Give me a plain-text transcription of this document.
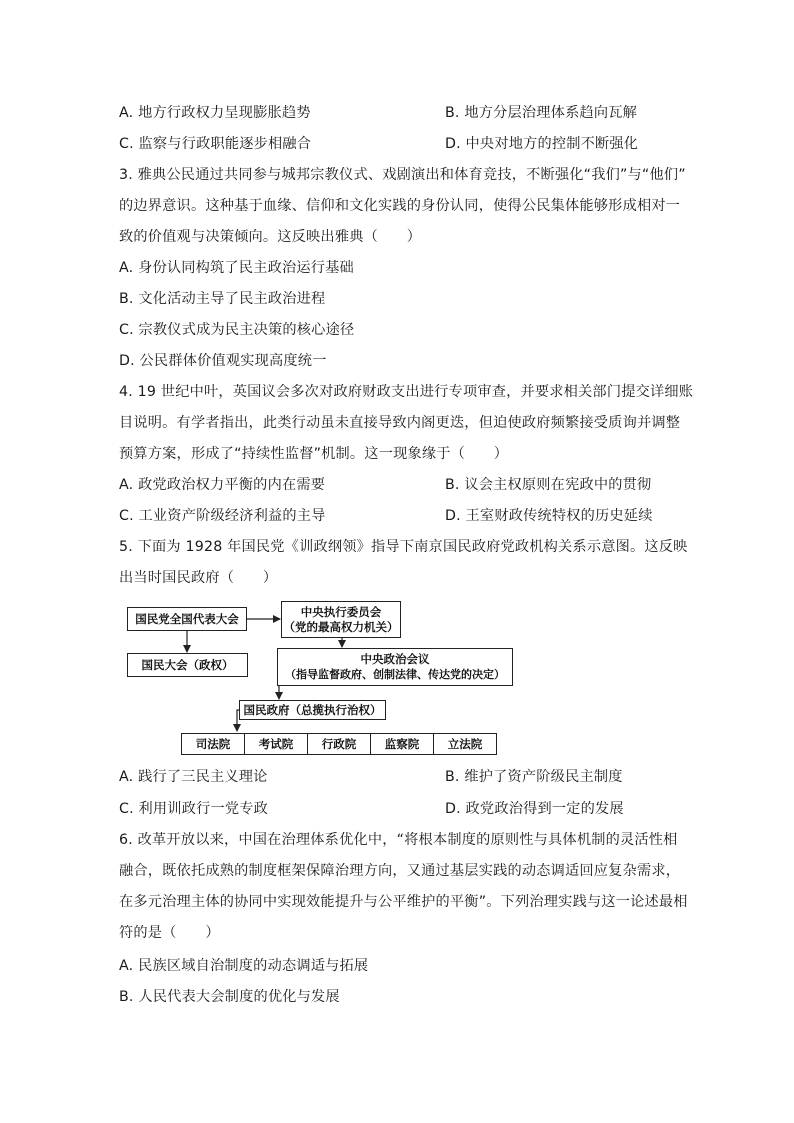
A. 地方行政权力呈现膨胀趋势	B. 地方分层治理体系趋向瓦解
C. 监察与行政职能逐步相融合	D. 中央对地方的控制不断强化
3. 雅典公民通过共同参与城邦宗教仪式、戏剧演出和体育竞技，不断强化“我们”与“他们”
的边界意识。这种基于血缘、信仰和文化实践的身份认同，使得公民集体能够形成相对一
致的价值观与决策倾向。这反映出雅典（　　）
A. 身份认同构筑了民主政治运行基础
B. 文化活动主导了民主政治进程
C. 宗教仪式成为民主决策的核心途径
D. 公民群体价值观实现高度统一
4. 19 世纪中叶，英国议会多次对政府财政支出进行专项审查，并要求相关部门提交详细账
目说明。有学者指出，此类行动虽未直接导致内阁更迭，但迫使政府频繁接受质询并调整
预算方案，形成了“持续性监督”机制。这一现象缘于（　　）
A. 政党政治权力平衡的内在需要	B. 议会主权原则在宪政中的贯彻
C. 工业资产阶级经济利益的主导	D. 王室财政传统特权的历史延续
5. 下面为 1928 年国民党《训政纲领》指导下南京国民政府党政机构关系示意图。这反映
出当时国民政府（　　）
国民党全国代表大会	中央执行委员会
（党的最高权力机关）
国民大会（政权）	中央政治会议
（指导监督政府、创制法律、传达党的决定）
国民政府（总揽执行治权）
司法院	考试院	行政院	监察院	立法院
A. 践行了三民主义理论	B. 维护了资产阶级民主制度
C. 利用训政行一党专政	D. 政党政治得到一定的发展
6. 改革开放以来，中国在治理体系优化中，“将根本制度的原则性与具体机制的灵活性相
融合，既依托成熟的制度框架保障治理方向，又通过基层实践的动态调适回应复杂需求，
在多元治理主体的协同中实现效能提升与公平维护的平衡”。下列治理实践与这一论述最相
符的是（　　）
A. 民族区域自治制度的动态调适与拓展
B. 人民代表大会制度的优化与发展
